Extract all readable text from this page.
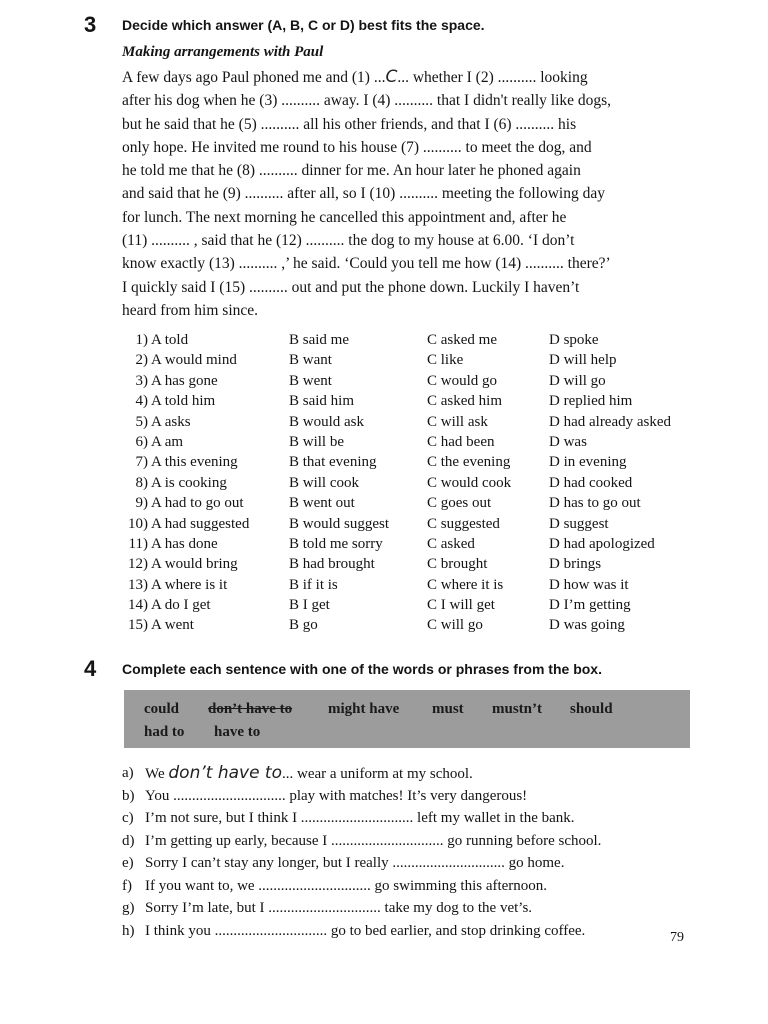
3 Decide which answer (A, B, C or D) best fits the space.
Making arrangements with Paul
A few days ago Paul phoned me and (1) ...C... whether I (2) .......... looking
after his dog when he (3) .......... away. I (4) .......... that I didn't really like dogs,
but he said that he (5) .......... all his other friends, and that I (6) .......... his
only hope. He invited me round to his house (7) .......... to meet the dog, and
he told me that he (8) .......... dinner for me. An hour later he phoned again
and said that he (9) .......... after all, so I (10) .......... meeting the following day
for lunch. The next morning he cancelled this appointment and, after he
(11) .......... , said that he (12) .......... the dog to my house at 6.00. ‘I don’t
know exactly (13) .......... ,’ he said. ‘Could you tell me how (14) .......... there?’
I quickly said I (15) .......... out and put the phone down. Luckily I haven’t
heard from him since.
1) A told	B said me	C asked me	D spoke
2) A would mind	B want	C like	D will help
3) A has gone	B went	C would go	D will go
4) A told him	B said him	C asked him	D replied him
5) A asks	B would ask	C will ask	D had already asked
6) A am	B will be	C had been	D was
7) A this evening	B that evening	C the evening	D in evening
8) A is cooking	B will cook	C would cook	D had cooked
9) A had to go out	B went out	C goes out	D has to go out
10) A had suggested	B would suggest	C suggested	D suggest
11) A has done	B told me sorry	C asked	D had apologized
12) A would bring	B had brought	C brought	D brings
13) A where is it	B if it is	C where it is	D how was it
14) A do I get	B I get	C I will get	D I’m getting
15) A went	B go	C will go	D was going
4 Complete each sentence with one of the words or phrases from the box.
could don’t have to might have must mustn’t should
had to have to
a) We don’t have to... wear a uniform at my school.
b) You .............................. play with matches! It’s very dangerous!
c) I’m not sure, but I think I .............................. left my wallet in the bank.
d) I’m getting up early, because I .............................. go running before school.
e) Sorry I can’t stay any longer, but I really .............................. go home.
f) If you want to, we .............................. go swimming this afternoon.
g) Sorry I’m late, but I .............................. take my dog to the vet’s.
h) I think you .............................. go to bed earlier, and stop drinking coffee.	79
